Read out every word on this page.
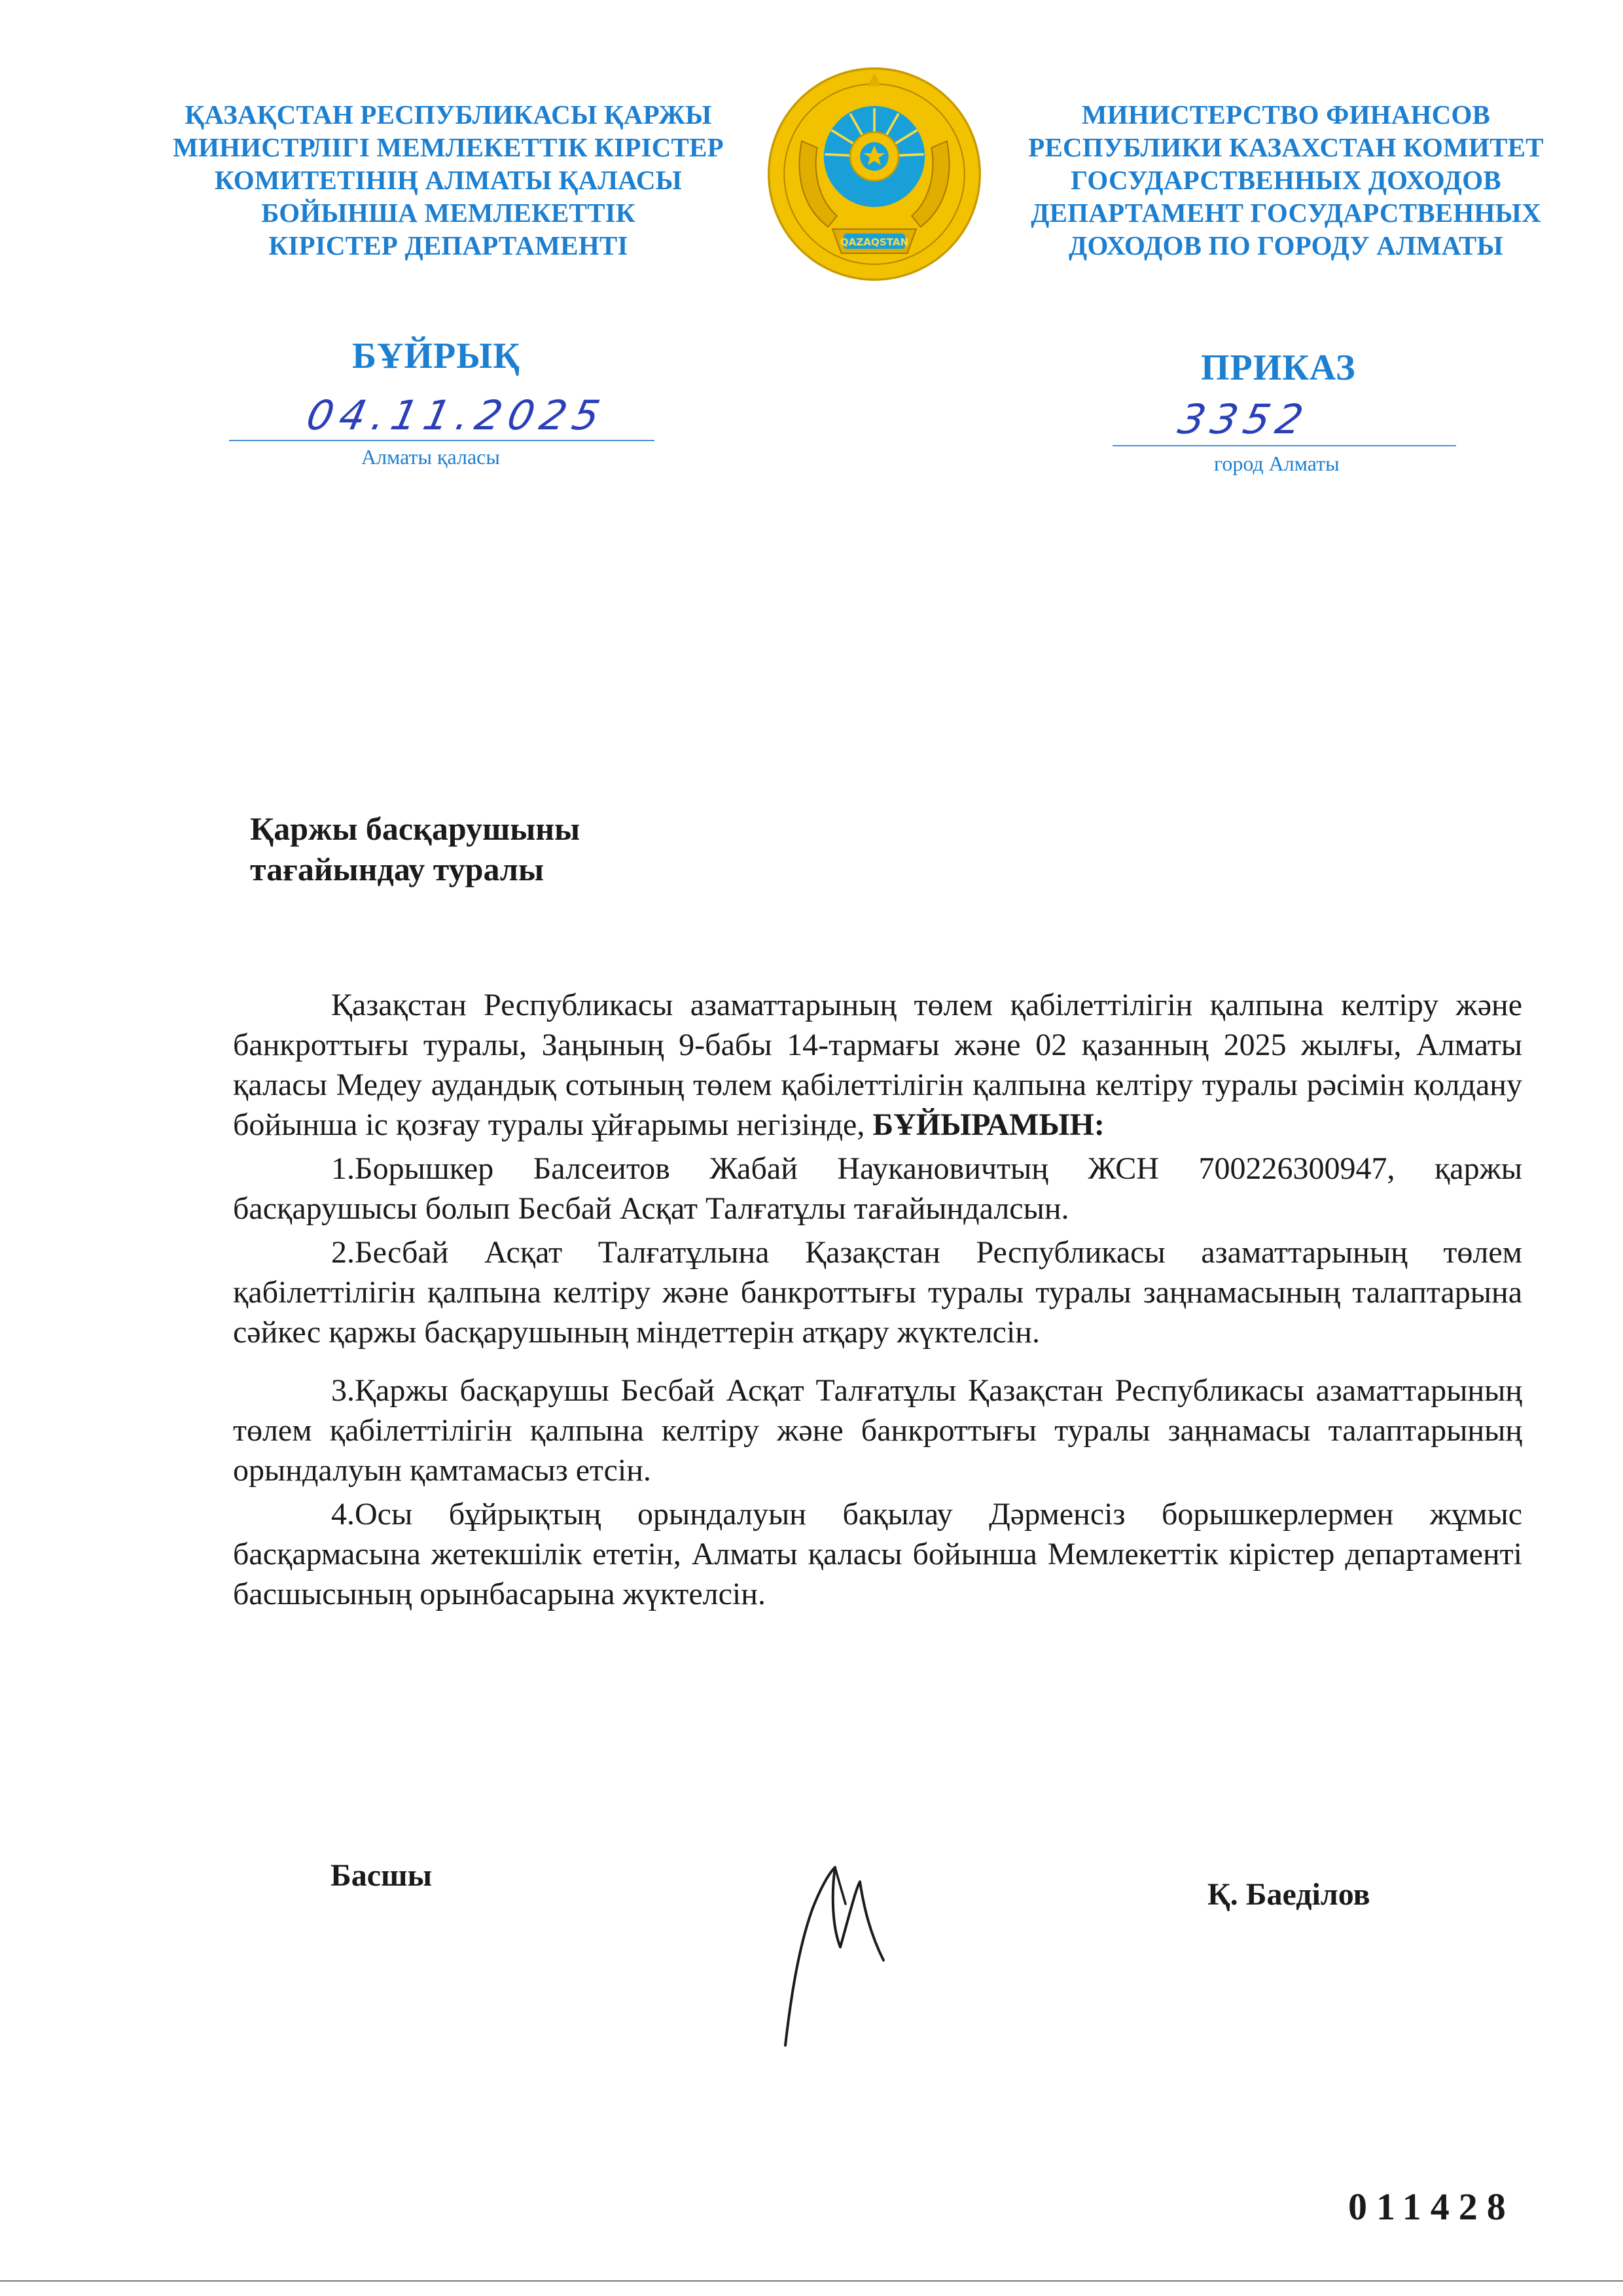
ҚАЗАҚСТАН РЕСПУБЛИКАСЫ ҚАРЖЫ
МИНИСТРЛІГІ МЕМЛЕКЕТТІК КІРІСТЕР
КОМИТЕТІНІҢ АЛМАТЫ ҚАЛАСЫ
БОЙЫНША МЕМЛЕКЕТТІК
КІРІСТЕР ДЕПАРТАМЕНТІ	QAZAQSTAN
МИНИСТЕРСТВО ФИНАНСОВ
РЕСПУБЛИКИ КАЗАХСТАН КОМИТЕТ
ГОСУДАРСТВЕННЫХ ДОХОДОВ
ДЕПАРТАМЕНТ ГОСУДАРСТВЕННЫХ
ДОХОДОВ ПО ГОРОДУ АЛМАТЫ
БҰЙРЫҚ	ПРИКАЗ
04.11.2025	3352
Алматы қаласы	город Алматы
Қаржы басқарушыны
тағайындау туралы

Қазақстан Республикасы азаматтарының төлем қабілеттілігін қалпына келтіру және банкроттығы туралы, Заңының 9-бабы 14-тармағы және 02 қазанның 2025 жылғы, Алматы қаласы Медеу аудандық сотының төлем қабілеттілігін қалпына келтіру туралы рәсімін қолдану бойынша іс қозғау туралы ұйғарымы негізінде, БҰЙЫРАМЫН:

1.Борышкер Балсеитов Жабай Наукановичтың ЖСН 700226300947, қаржы басқарушысы болып Бесбай Асқат Талғатұлы тағайындалсын.

2.Бесбай Асқат Талғатұлына Қазақстан Республикасы азаматтарының төлем қабілеттілігін қалпына келтіру және банкроттығы туралы туралы заңнамасының талаптарына сәйкес қаржы басқарушының міндеттерін атқару жүктелсін.

3.Қаржы басқарушы Бесбай Асқат Талғатұлы Қазақстан Республикасы азаматтарының төлем қабілеттілігін қалпына келтіру және банкроттығы туралы заңнамасы талаптарының орындалуын қамтамасыз етсін.

4.Осы бұйрықтың орындалуын бақылау Дәрменсіз борышкерлермен жұмыс басқармасына жетекшілік ететін, Алматы қаласы бойынша Мемлекеттік кірістер департаменті басшысының орынбасарына жүктелсін.

Басшы
Қ. Баеділов
011428
